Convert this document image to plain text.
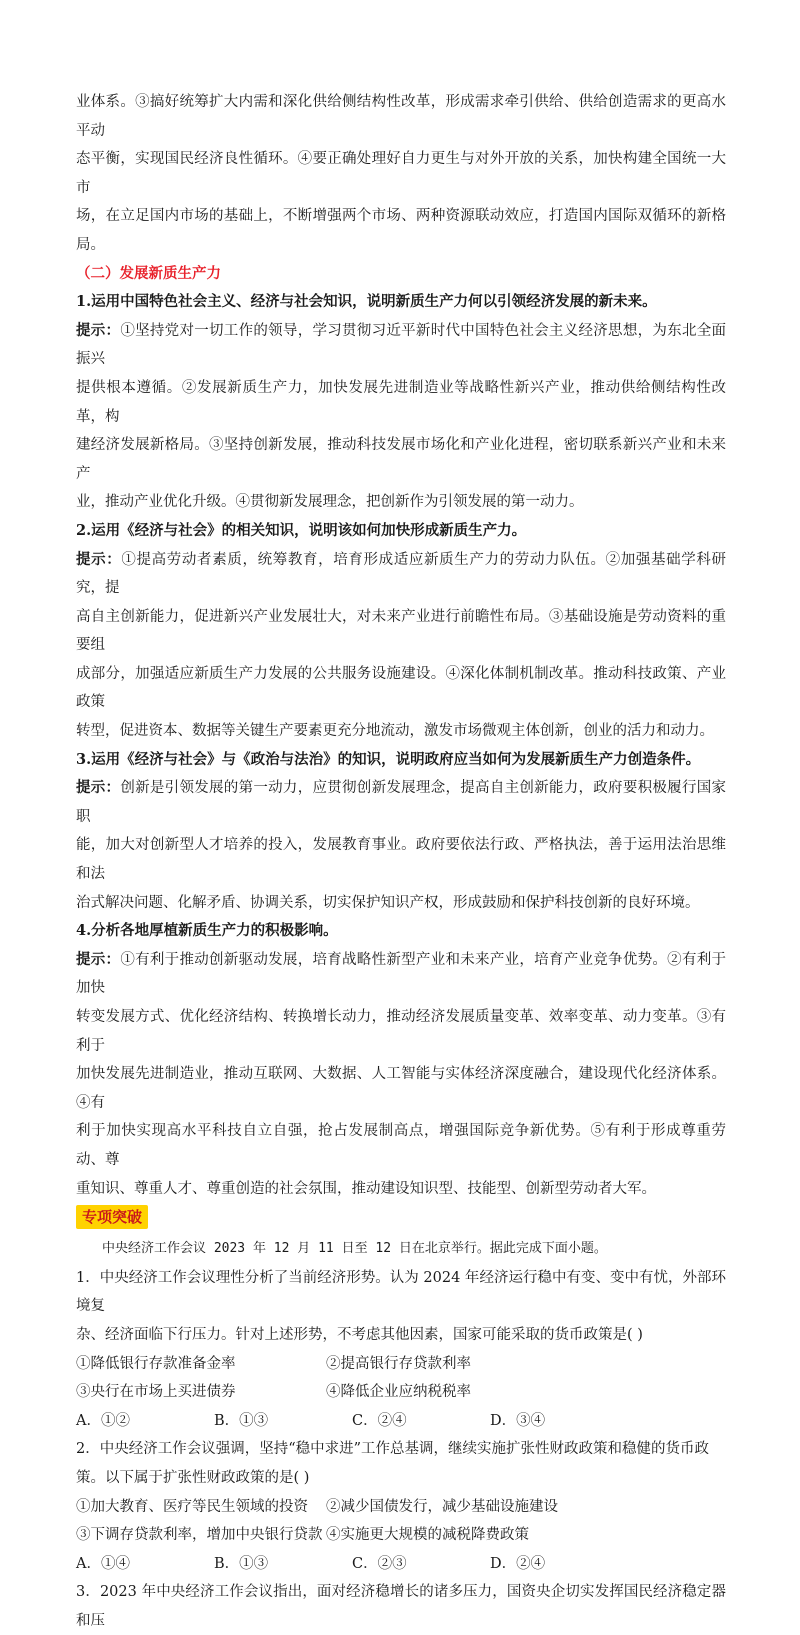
业体系。③搞好统筹扩大内需和深化供给侧结构性改革，形成需求牵引供给、供给创造需求的更高水平动

态平衡，实现国民经济良性循环。④要正确处理好自力更生与对外开放的关系，加快构建全国统一大市

场，在立足国内市场的基础上，不断增强两个市场、两种资源联动效应，打造国内国际双循环的新格局。

（二）发展新质生产力

1.运用中国特色社会主义、经济与社会知识，说明新质生产力何以引领经济发展的新未来。

提示：①坚持党对一切工作的领导，学习贯彻习近平新时代中国特色社会主义经济思想，为东北全面振兴

提供根本遵循。②发展新质生产力，加快发展先进制造业等战略性新兴产业，推动供给侧结构性改革，构

建经济发展新格局。③坚持创新发展，推动科技发展市场化和产业化进程，密切联系新兴产业和未来产

业，推动产业优化升级。④贯彻新发展理念，把创新作为引领发展的第一动力。

2.运用《经济与社会》的相关知识，说明该如何加快形成新质生产力。

提示：①提高劳动者素质，统筹教育，培育形成适应新质生产力的劳动力队伍。②加强基础学科研究，提

高自主创新能力，促进新兴产业发展壮大，对未来产业进行前瞻性布局。③基础设施是劳动资料的重要组

成部分，加强适应新质生产力发展的公共服务设施建设。④深化体制机制改革。推动科技政策、产业政策

转型，促进资本、数据等关键生产要素更充分地流动，激发市场微观主体创新，创业的活力和动力。

3.运用《经济与社会》与《政治与法治》的知识，说明政府应当如何为发展新质生产力创造条件。

提示：创新是引领发展的第一动力，应贯彻创新发展理念，提高自主创新能力，政府要积极履行国家职

能，加大对创新型人才培养的投入，发展教育事业。政府要依法行政、严格执法，善于运用法治思维和法

治式解决问题、化解矛盾、协调关系，切实保护知识产权，形成鼓励和保护科技创新的良好环境。

4.分析各地厚植新质生产力的积极影响。

提示：①有利于推动创新驱动发展，培育战略性新型产业和未来产业，培育产业竞争优势。②有利于加快

转变发展方式、优化经济结构、转换增长动力，推动经济发展质量变革、效率变革、动力变革。③有利于

加快发展先进制造业，推动互联网、大数据、人工智能与实体经济深度融合，建设现代化经济体系。④有

利于加快实现高水平科技自立自强，抢占发展制高点，增强国际竞争新优势。⑤有利于形成尊重劳动、尊

重知识、尊重人才、尊重创造的社会氛围，推动建设知识型、技能型、创新型劳动者大军。

专项突破

中央经济工作会议 2023 年 12 月 11 日至 12 日在北京举行。据此完成下面小题。

1．中央经济工作会议理性分析了当前经济形势。认为 2024 年经济运行稳中有变、变中有忧，外部环境复

杂、经济面临下行压力。针对上述形势，不考虑其他因素，国家可能采取的货币政策是( )

①降低银行存款准备金率	②提高银行存贷款利率
③央行在市场上买进债券	④降低企业应纳税税率
A．①②	B．①③	C．②④	D．③④

2．中央经济工作会议强调，坚持“稳中求进”工作总基调，继续实施扩张性财政政策和稳健的货币政

策。以下属于扩张性财政政策的是( )

①加大教育、医疗等民生领域的投资	②减少国债发行，减少基础设施建设
③下调存贷款利率，增加中央银行贷款 ④实施更大规模的减税降费政策
A．①④	B．①③	C．②③	D．②④

3．2023 年中央经济工作会议指出，面对经济稳增长的诸多压力，国资央企切实发挥国民经济稳定器和压
